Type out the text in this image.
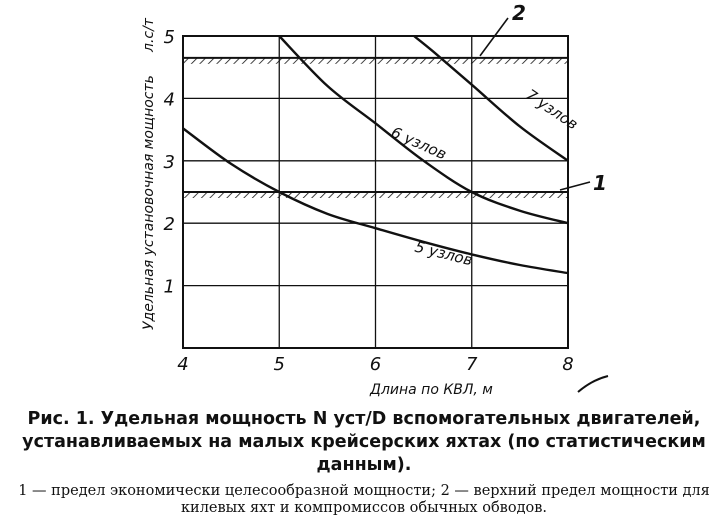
4	5	6	7	8
1
2
3
4
5
5 узлов
6 узлов
7 узлов
1
2
Длина по КВЛ, м
Удельная установочная мощность
л.с/т
Рис. 1. Удельная мощность N уст/D вспомогательных двигателей, устанавливаемых на малых крейсерских яхтах (по статистическим данным).
1 — предел экономически целесообразной мощности; 2 — верхний предел мощности для килевых яхт и компромиссов обычных обводов.
